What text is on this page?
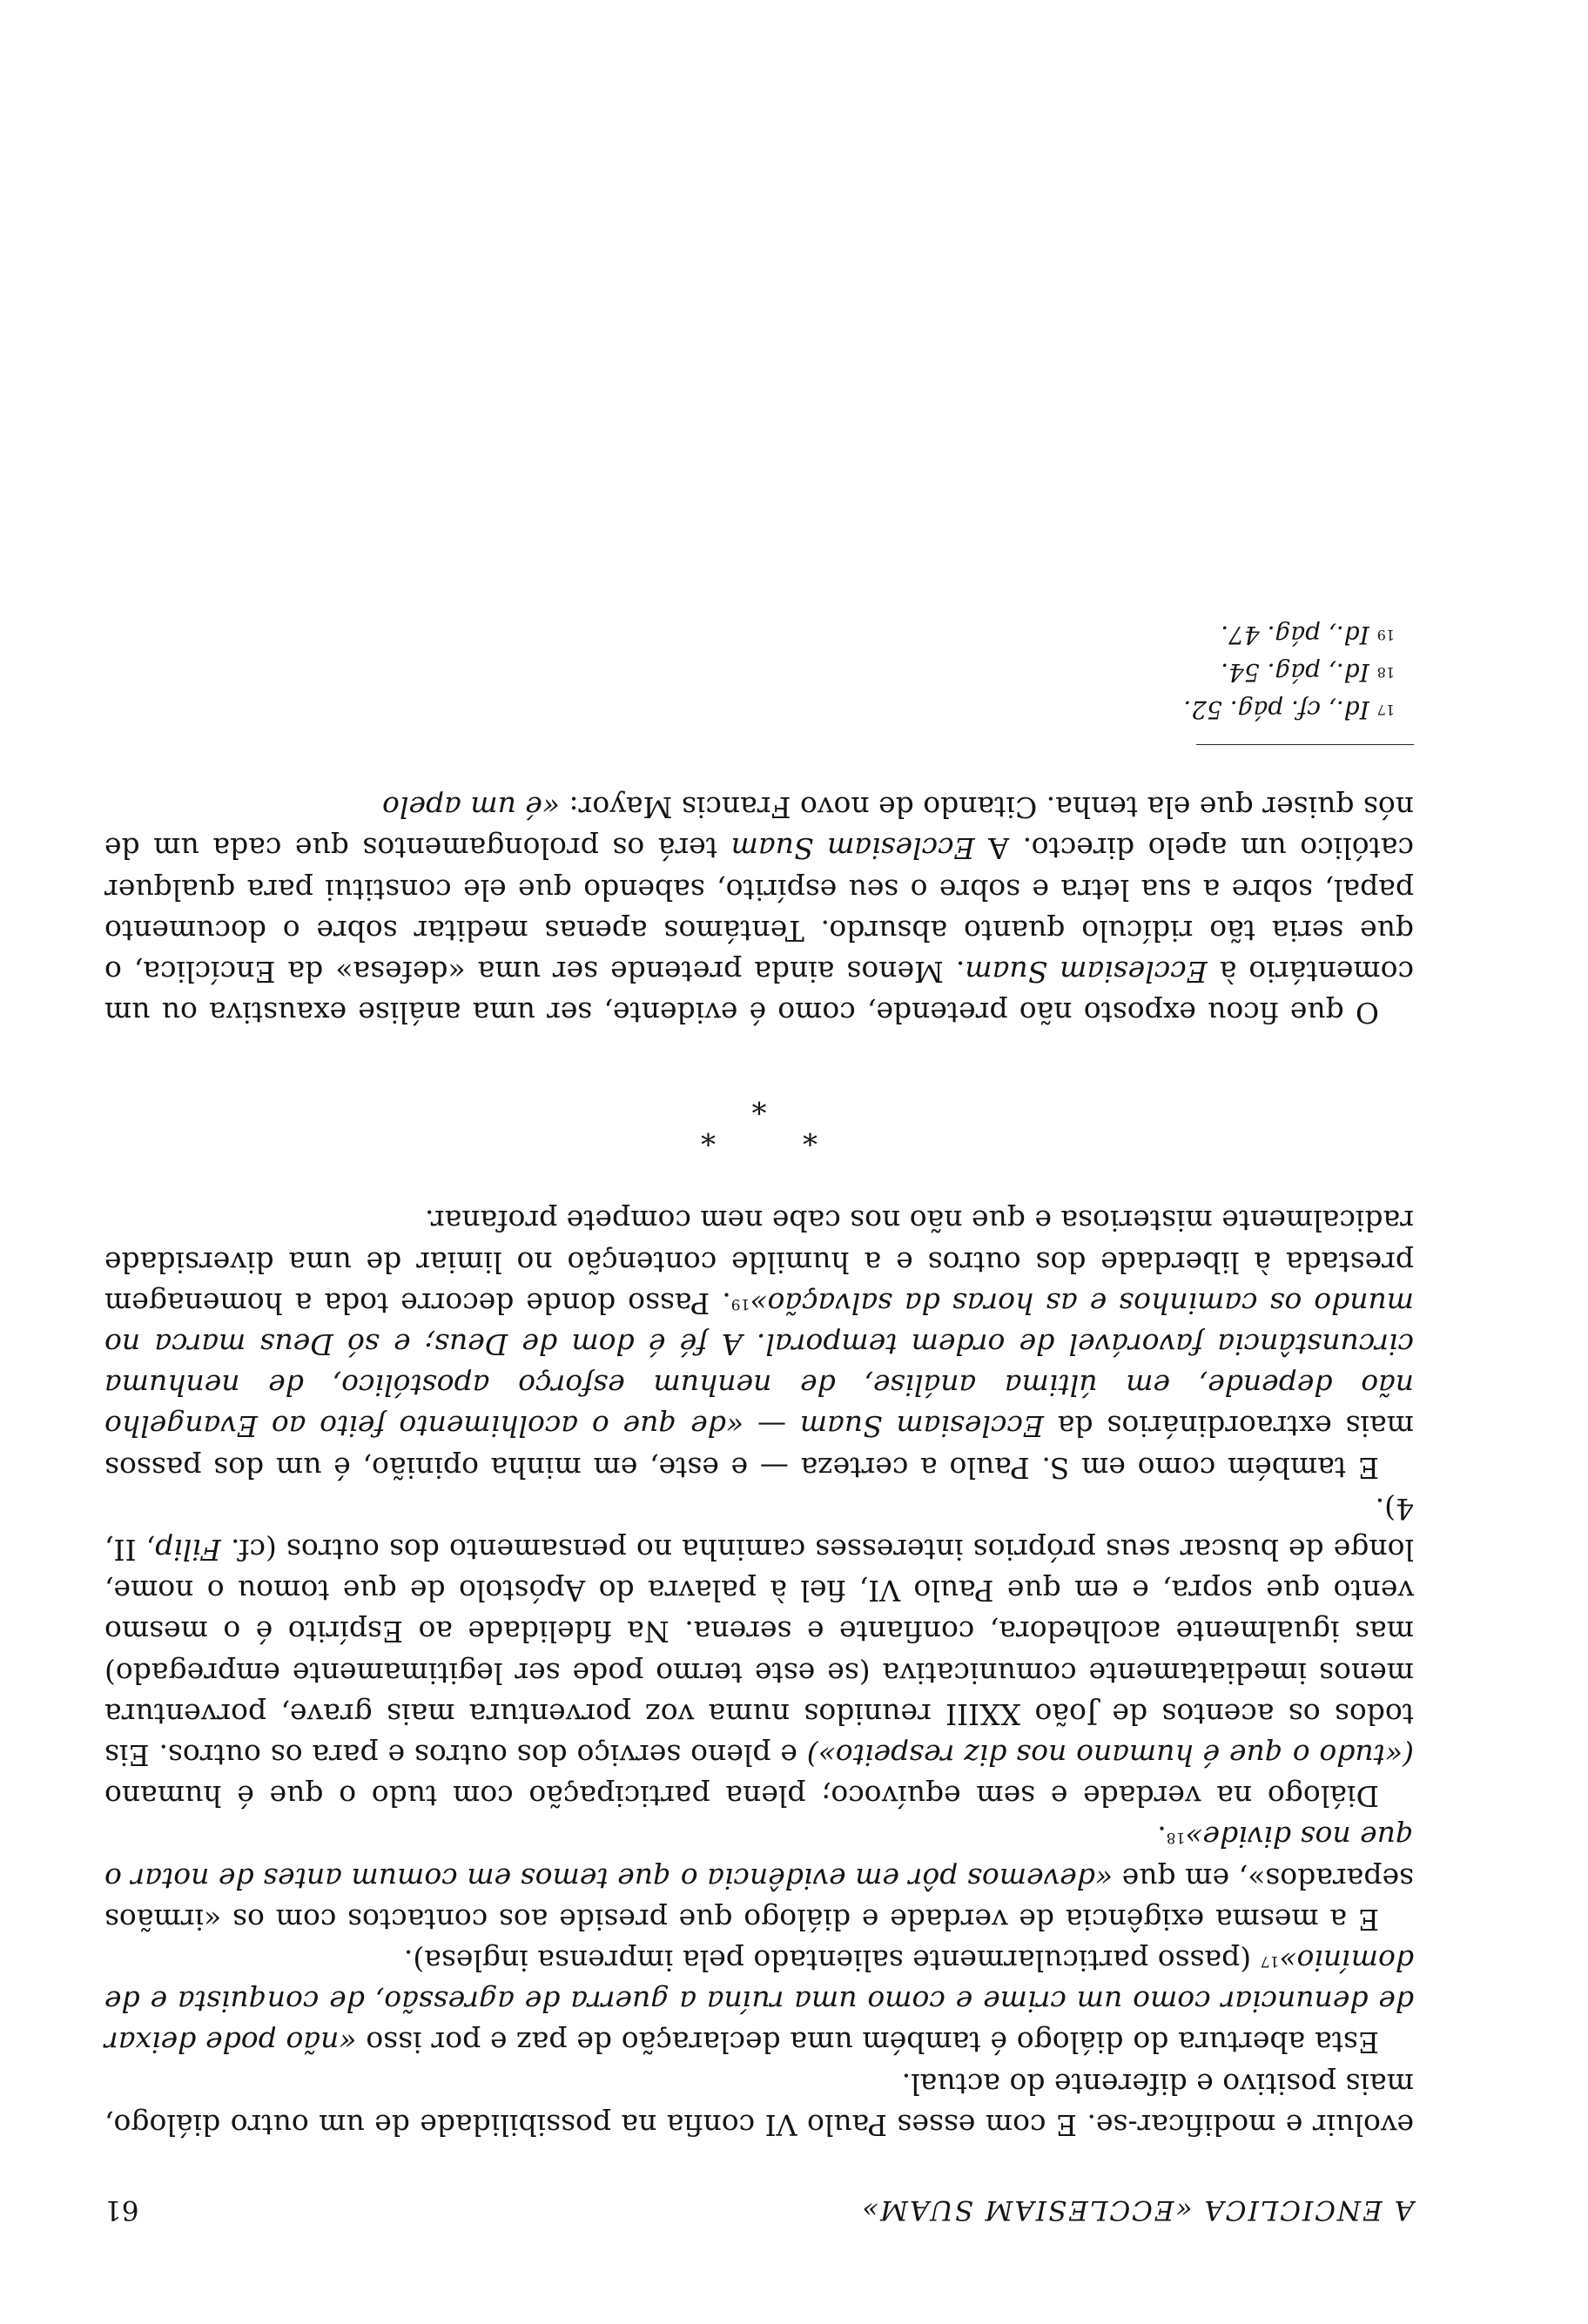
A ENCICLICA «ECCLESIAM SUAM»
61

evoluir e modificar-se. E com esses Paulo VI confia na possibilidade de um outro diálogo, mais positivo e diferente do actual.

Esta abertura do diálogo é também uma declaração de paz e por isso «não pode deixar de denunciar como um crime e como uma ruína a guerra de agressão, de conquista e de domínio»$^{17}$ (passo particularmente salientado pela imprensa inglesa).

E a mesma exigência de verdade e diálogo que preside aos contactos com os «irmãos separados», em que «devemos pôr em evidência o que temos em comum antes de notar o que nos divide»$^{18}$.

Diálogo na verdade e sem equívoco; plena participação com tudo o que é humano («tudo o que é humano nos diz respeito») e pleno serviço dos outros e para os outros. Eis todos os acentos de João XXIII reunidos numa voz porventura mais grave, porventura menos imediatamente comunicativa (se este termo pode ser legitimamente empregado) mas igualmente acolhedora, confiante e serena. Na fidelidade ao Espírito é o mesmo vento que sopra, e em que Paulo VI, fiel à palavra do Apóstolo de que tomou o nome, longe de buscar seus próprios interesses caminha no pensamento dos outros (cf. Filip, II, 4).

E também como em S. Paulo a certeza — e este, em minha opinião, é um dos passos mais extraordinários da Ecclesiam Suam — «de que o acolhimento feito ao Evangelho não depende, em última análise, de nenhum esforço apostólico, de nenhuma circunstância favorável de ordem temporal. A fé é dom de Deus; e só Deus marca no mundo os caminhos e as horas da salvação»$^{19}$. Passo donde decorre toda a homenagem prestada à liberdade dos outros e a humilde contenção no limiar de uma diversidade radicalmente misteriosa e que não nos cabe nem compete profanar.

**
*

O que ficou exposto não pretende, como é evidente, ser uma análise exaustiva ou um comentário à Ecclesiam Suam. Menos ainda pretende ser uma «defesa» da Encíclica, o que seria tão ridículo quanto absurdo. Tentámos apenas meditar sobre o documento papal, sobre a sua letra e sobre o seu espírito, sabendo que ele constitui para qualquer católico um apelo directo. A Ecclesiam Suam terá os prolongamentos que cada um de nós quiser que ela tenha. Citando de novo Francis Mayor: «é um apelo

$^{17}$ Id., cf. pág. 52.
$^{18}$ Id., pág. 54.
$^{19}$ Id., pág. 47.
